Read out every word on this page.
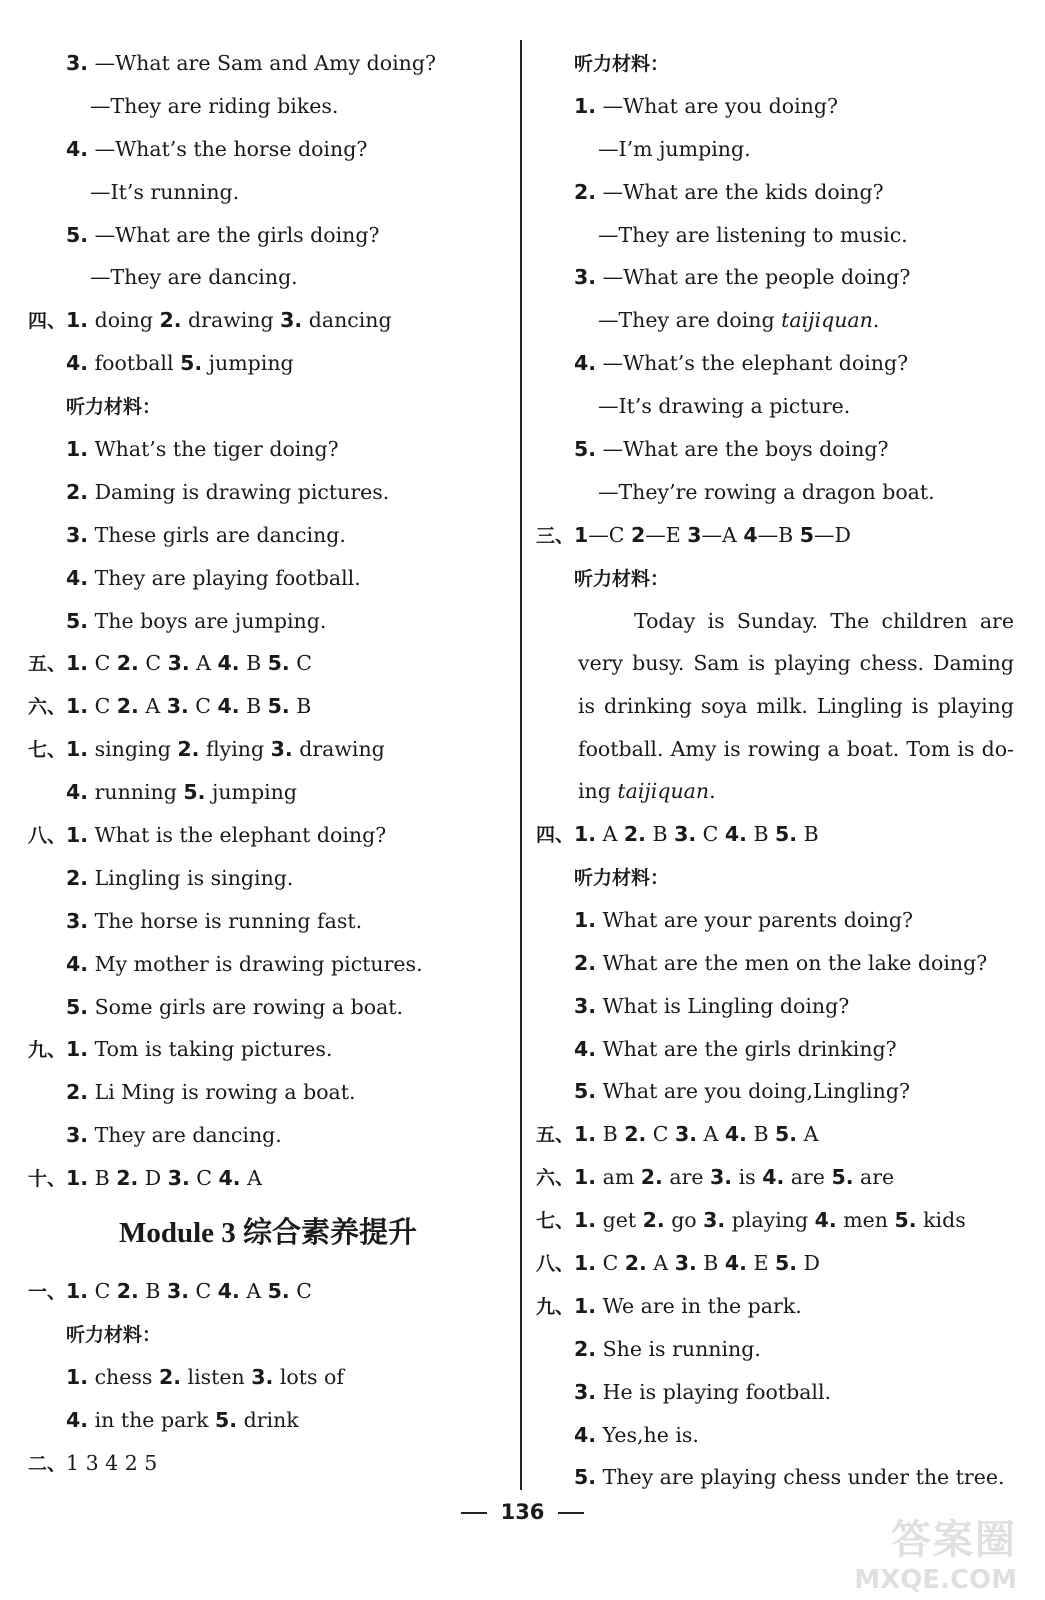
3. —What are Sam and Amy doing?
—They are riding bikes.
4. —What’s the horse doing?
—It’s running.
5. —What are the girls doing?
—They are dancing.
四、1. doing 2. drawing 3. dancing
4. football 5. jumping
听力材料：
1. What’s the tiger doing?
2. Daming is drawing pictures.
3. These girls are dancing.
4. They are playing football.
5. The boys are jumping.
五、1. C 2. C 3. A 4. B 5. C
六、1. C 2. A 3. C 4. B 5. B
七、1. singing 2. flying 3. drawing
4. running 5. jumping
八、1. What is the elephant doing?
2. Lingling is singing.
3. The horse is running fast.
4. My mother is drawing pictures.
5. Some girls are rowing a boat.
九、1. Tom is taking pictures.
2. Li Ming is rowing a boat.
3. They are dancing.
十、1. B 2. D 3. C 4. A
Module 3 综合素养提升
一、1. C 2. B 3. C 4. A 5. C
听力材料：
1. chess 2. listen 3. lots of
4. in the park 5. drink
二、1 3 4 2 5
听力材料：
1. —What are you doing?
—I’m jumping.
2. —What are the kids doing?
—They are listening to music.
3. —What are the people doing?
—They are doing taijiquan.
4. —What’s the elephant doing?
—It’s drawing a picture.
5. —What are the boys doing?
—They’re rowing a dragon boat.
三、1—C 2—E 3—A 4—B 5—D
听力材料：
Today is Sunday. The children are very busy. Sam is playing chess. Daming is drinking soya milk. Lingling is playing football. Amy is rowing a boat. Tom is do-ing taijiquan.
四、1. A 2. B 3. C 4. B 5. B
听力材料：
1. What are your parents doing?
2. What are the men on the lake doing?
3. What is Lingling doing?
4. What are the girls drinking?
5. What are you doing,Lingling?
五、1. B 2. C 3. A 4. B 5. A
六、1. am 2. are 3. is 4. are 5. are
七、1. get 2. go 3. playing 4. men 5. kids
八、1. C 2. A 3. B 4. E 5. D
九、1. We are in the park.
2. She is running.
3. He is playing football.
4. Yes,he is.
5. They are playing chess under the tree.
136
答案圈
MXQE.COM
